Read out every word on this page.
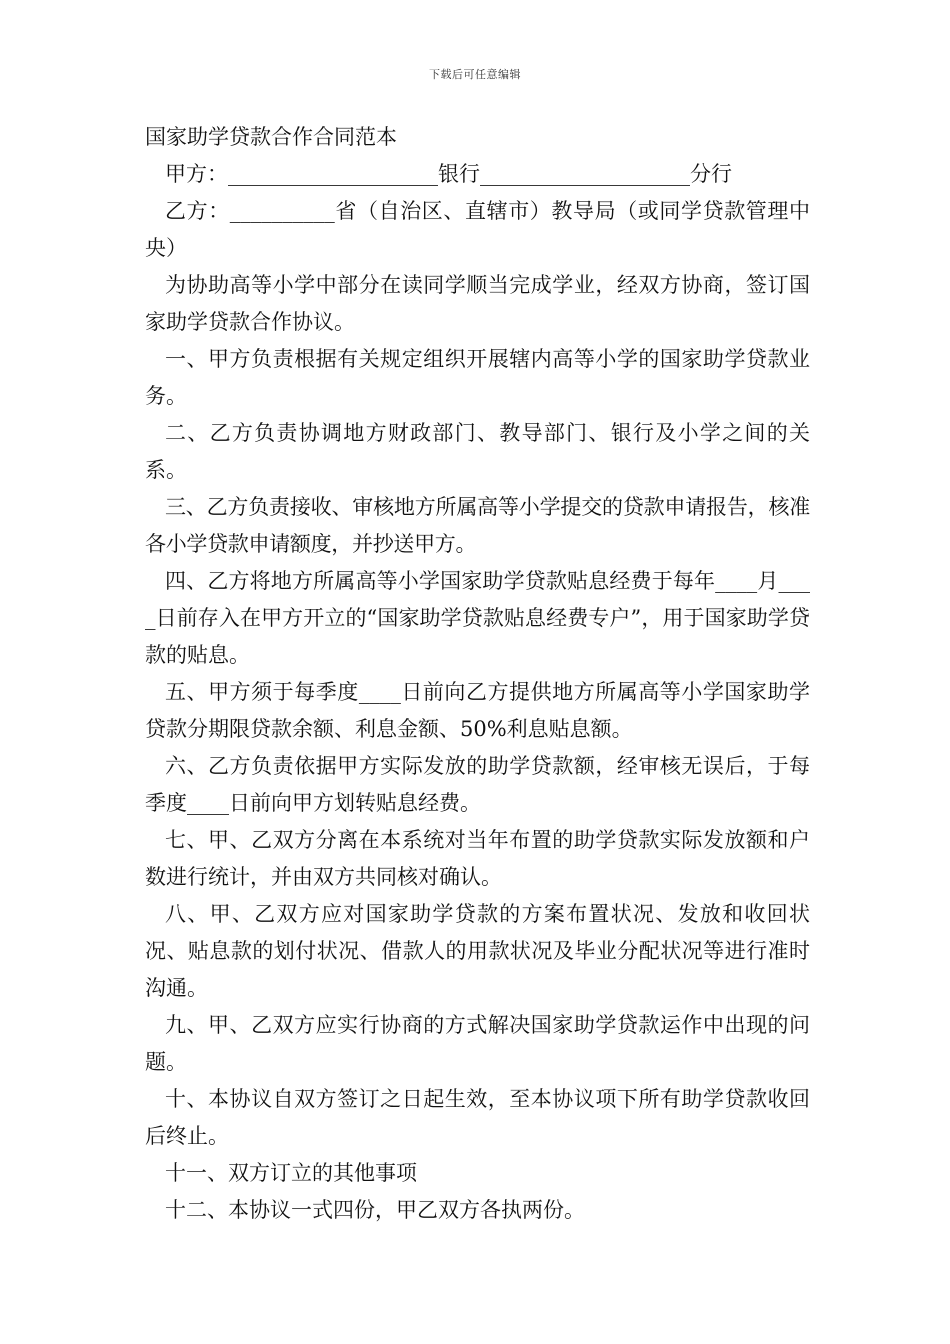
下载后可任意编辑
国家助学贷款合作合同范本

甲方：____________________银行____________________分行

乙方：__________省（自治区、直辖市）教导局（或同学贷款管理中央）

为协助高等小学中部分在读同学顺当完成学业，经双方协商，签订国家助学贷款合作协议。

一、甲方负责根据有关规定组织开展辖内高等小学的国家助学贷款业务。

二、乙方负责协调地方财政部门、教导部门、银行及小学之间的关系。

三、乙方负责接收、审核地方所属高等小学提交的贷款申请报告，核准各小学贷款申请额度，并抄送甲方。

四、乙方将地方所属高等小学国家助学贷款贴息经费于每年____月____日前存入在甲方开立的“国家助学贷款贴息经费专户”，用于国家助学贷款的贴息。

五、甲方须于每季度____日前向乙方提供地方所属高等小学国家助学贷款分期限贷款余额、利息金额、50%利息贴息额。

六、乙方负责依据甲方实际发放的助学贷款额，经审核无误后，于每季度____日前向甲方划转贴息经费。

七、甲、乙双方分离在本系统对当年布置的助学贷款实际发放额和户数进行统计，并由双方共同核对确认。

八、甲、乙双方应对国家助学贷款的方案布置状况、发放和收回状况、贴息款的划付状况、借款人的用款状况及毕业分配状况等进行准时沟通。

九、甲、乙双方应实行协商的方式解决国家助学贷款运作中出现的问题。

十、本协议自双方签订之日起生效，至本协议项下所有助学贷款收回后终止。

十一、双方订立的其他事项

十二、本协议一式四份，甲乙双方各执两份。
